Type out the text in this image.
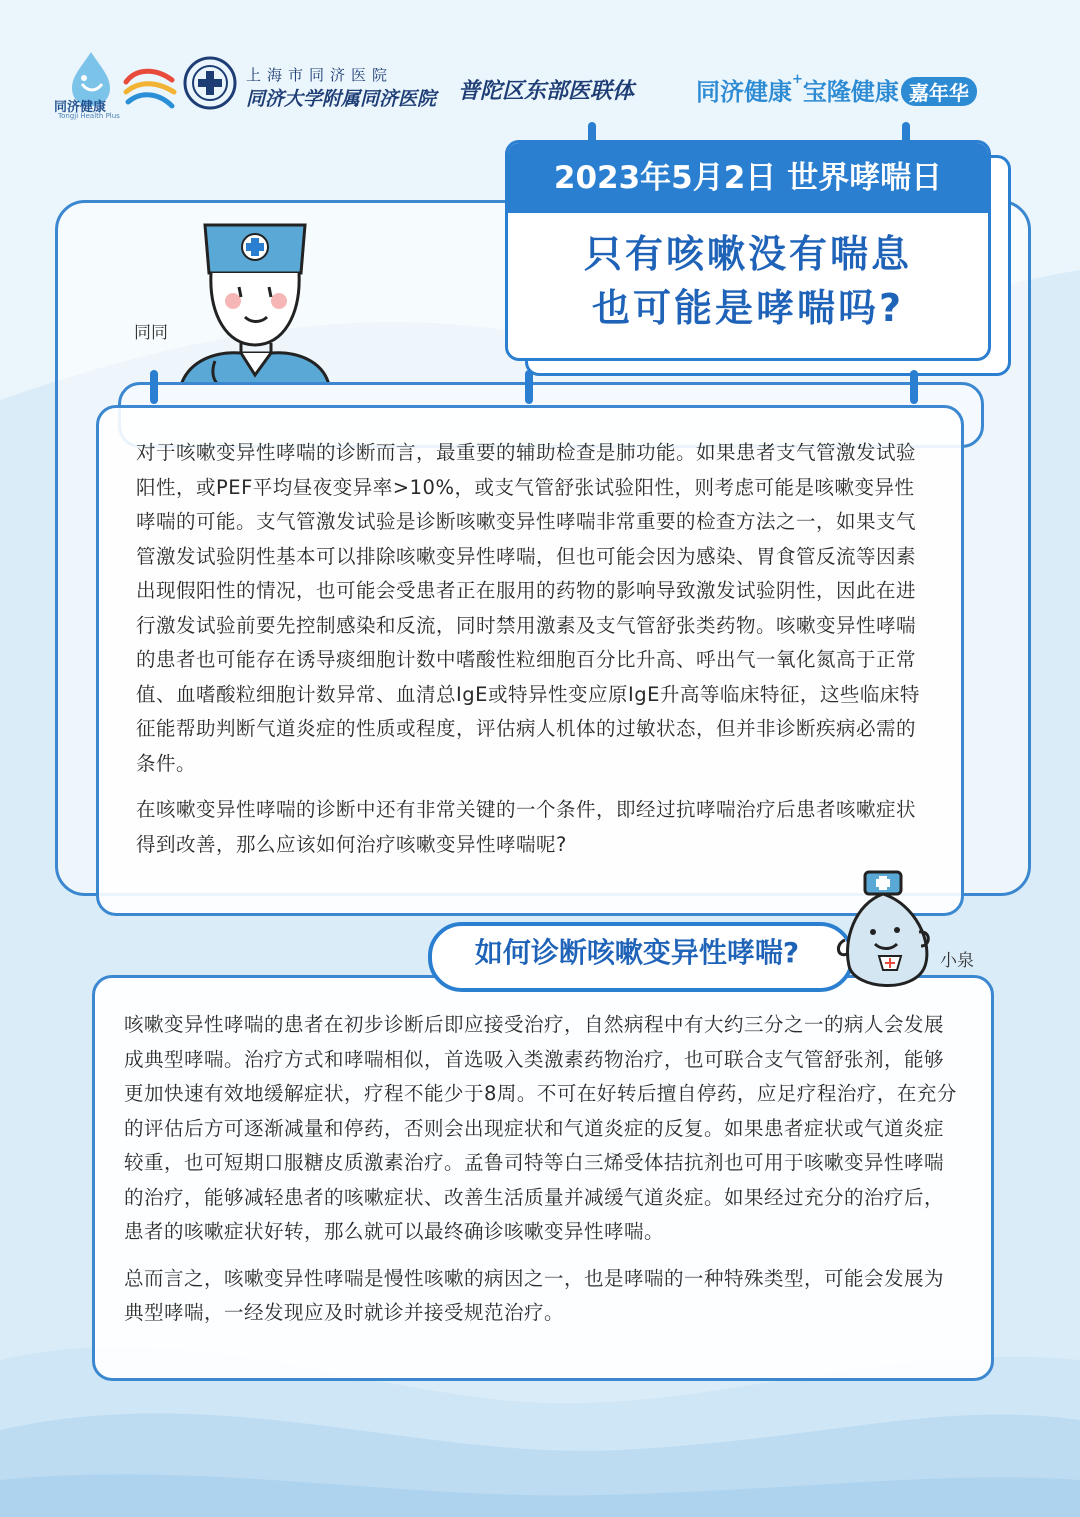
同济健康
Tongji Health Plus
上海市同济医院
同济大学附属同济医院 普陀区东部医联体	同济健康+宝隆健康 嘉年华
同同
2023年5月2日 世界哮喘日
只有咳嗽没有喘息
也可能是哮喘吗?

对于咳嗽变异性哮喘的诊断而言，最重要的辅助检查是肺功能。如果患者支气管激发试验阳性，或PEF平均昼夜变异率>10%，或支气管舒张试验阳性，则考虑可能是咳嗽变异性哮喘的可能。支气管激发试验是诊断咳嗽变异性哮喘非常重要的检查方法之一，如果支气管激发试验阴性基本可以排除咳嗽变异性哮喘，但也可能会因为感染、胃食管反流等因素出现假阳性的情况，也可能会受患者正在服用的药物的影响导致激发试验阴性，因此在进行激发试验前要先控制感染和反流，同时禁用激素及支气管舒张类药物。咳嗽变异性哮喘的患者也可能存在诱导痰细胞计数中嗜酸性粒细胞百分比升高、呼出气一氧化氮高于正常值、血嗜酸粒细胞计数异常、血清总IgE或特异性变应原IgE升高等临床特征，这些临床特征能帮助判断气道炎症的性质或程度，评估病人机体的过敏状态，但并非诊断疾病必需的条件。

在咳嗽变异性哮喘的诊断中还有非常关键的一个条件，即经过抗哮喘治疗后患者咳嗽症状得到改善，那么应该如何治疗咳嗽变异性哮喘呢?

如何诊断咳嗽变异性哮喘?	小泉

咳嗽变异性哮喘的患者在初步诊断后即应接受治疗，自然病程中有大约三分之一的病人会发展成典型哮喘。治疗方式和哮喘相似，首选吸入类激素药物治疗，也可联合支气管舒张剂，能够更加快速有效地缓解症状，疗程不能少于8周。不可在好转后擅自停药，应足疗程治疗，在充分的评估后方可逐渐减量和停药，否则会出现症状和气道炎症的反复。如果患者症状或气道炎症较重，也可短期口服糖皮质激素治疗。孟鲁司特等白三烯受体拮抗剂也可用于咳嗽变异性哮喘的治疗，能够减轻患者的咳嗽症状、改善生活质量并减缓气道炎症。如果经过充分的治疗后，患者的咳嗽症状好转，那么就可以最终确诊咳嗽变异性哮喘。

总而言之，咳嗽变异性哮喘是慢性咳嗽的病因之一，也是哮喘的一种特殊类型，可能会发展为典型哮喘，一经发现应及时就诊并接受规范治疗。
